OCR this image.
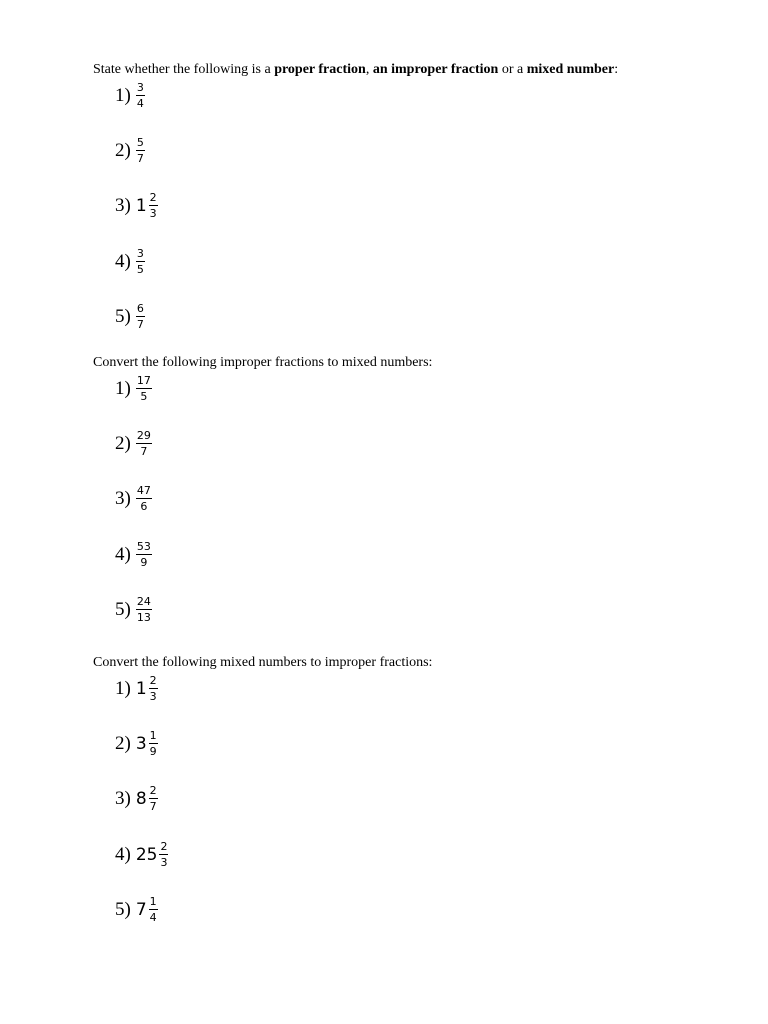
State whether the following is a proper fraction, an improper fraction or a mixed number:
$1) \frac{3}{4}$
$2) \frac{5}{7}$
3) $1 \frac{2}{3}$
$4) \frac{3}{5}$
$5) \frac{6}{7}$
Convert the following improper fractions to mixed numbers:
$1) \frac{17}{5}$
$2) \frac{29}{7}$
$3) \frac{47}{6}$
$4) \frac{53}{9}$
$5) \frac{24}{13}$
Convert the following mixed numbers to improper fractions:
1) $1 \frac{2}{3}$
2) $3 \frac{1}{9}$
3) $8 \frac{2}{7}$
4) $25 \frac{2}{3}$
5) $7 \frac{1}{4}$
